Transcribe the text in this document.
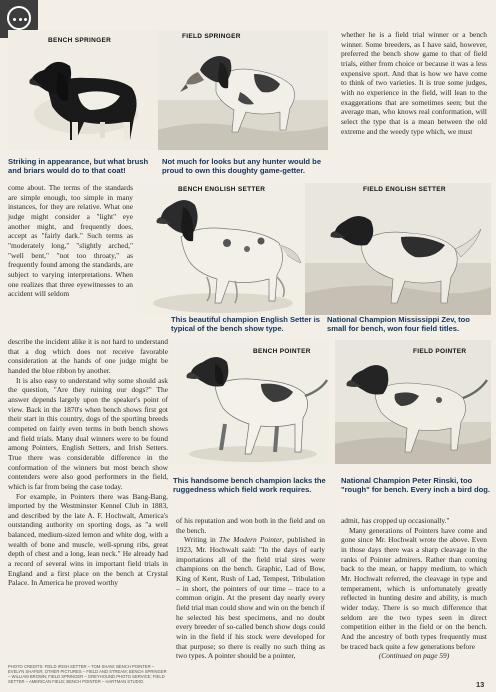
BENCH SPRINGER
FIELD SPRINGER
Striking in appearance, but what brush and briars would do to that coat!
Not much for looks but any hunter would be proud to own this doughty game-getter.

whether he is a field trial winner or a bench winner. Some breeders, as I have said, however, preferred the bench show game to that of field trials, either from choice or because it was a less expensive sport. And that is how we have come to think of two varieties. It is true some judges, with no experience in the field, will lean to the exaggerations that are sometimes seen; but the average man, who knows real conformation, will select the type that is a mean between the old extreme and the weedy type which, we must

BENCH ENGLISH SETTER	FIELD ENGLISH SETTER
This beautiful champion English Setter is typical of the bench show type.
National Champion Mississippi Zev, too small for bench, won four field titles.
BENCH POINTER	FIELD POINTER
This handsome bench champion lacks the ruggedness which field work requires.
National Champion Peter Rinski, too "rough" for bench. Every inch a bird dog.

come about. The terms of the standards are simple enough, too simple in many instances, for they are relative. What one judge might consider a "light" eye another might, and frequently does, accept as "fairly dark." Such terms as "moderately long," "slightly arched," "well bent," "not too throaty," as frequently found among the standards, are subject to varying interpretations. When one realizes that three eyewitnesses to an accident will seldom

describe the incident alike it is not hard to understand that a dog which does not receive favorable consideration at the hands of one judge might be handed the blue ribbon by another.

It is also easy to understand why some should ask the question, "Are they ruining our dogs?" The answer depends largely upon the speaker's point of view. Back in the 1870's when bench shows first got their start in this country, dogs of the sporting breeds competed on fairly even terms in both bench shows and field trials. Many dual winners were to be found among Pointers, English Setters, and Irish Setters. True there was considerable difference in the conformation of the winners but most bench show contenders were also good performers in the field, which is far from being the case today.

For example, in Pointers there was Bang-Bang, imported by the Westminster Kennel Club in 1883, and described by the late A. F. Hochwalt, America's outstanding authority on sporting dogs, as "a well balanced, medium-sized lemon and white dog, with a wealth of bone and muscle, well-sprung ribs, great depth of chest and a long, lean neck." He already had a record of several wins in important field trials in England and a first place on the bench at Crystal Palace. In America he proved worthy

PHOTO CREDITS: FIELD IRISH SETTER – TOM SHAW; BENCH POINTER – EVELYN SHAFER; OTHER PICTURES – FIELD AND STREAM; BENCH SPRINGER – WILLIAM BROWN; FIELD SPRINGER – GREYHOUND PHOTO SERVICE; FIELD SETTER – AMERICAN FIELD; BENCH POINTER – HARTMAN STUDIO.

of his reputation and won both in the field and on the bench.

Writing in The Modern Pointer, published in 1923, Mr. Hochwalt said: "In the days of early importations all of the field trial sires were champions on the bench. Graphic, Lad of Bow, King of Kent, Rush of Lad, Tempest, Tribulation – in short, the pointers of our time – trace to a common origin. At the present day nearly every field trial man could show and win on the bench if he selected his best specimens, and no doubt every breeder of so-called bench show dogs could win in the field if his stock were developed for that purpose; so there is really no such thing as two types. A pointer should be a pointer,

admit, has cropped up occasionally."

Many generations of Pointers have come and gone since Mr. Hochwalt wrote the above. Even in those days there was a sharp cleavage in the ranks of Pointer admirers. Rather than coming back to the mean, or happy medium, to which Mr. Hochwalt referred, the cleavage in type and temperament, which is unfortunately greatly reflected in hunting desire and ability, is much wider today. There is so much difference that seldom are the two types seen in direct competition either in the field or on the bench. And the ancestry of both types frequently must be traced back quite a few generations before

(Continued on page 59)

13
